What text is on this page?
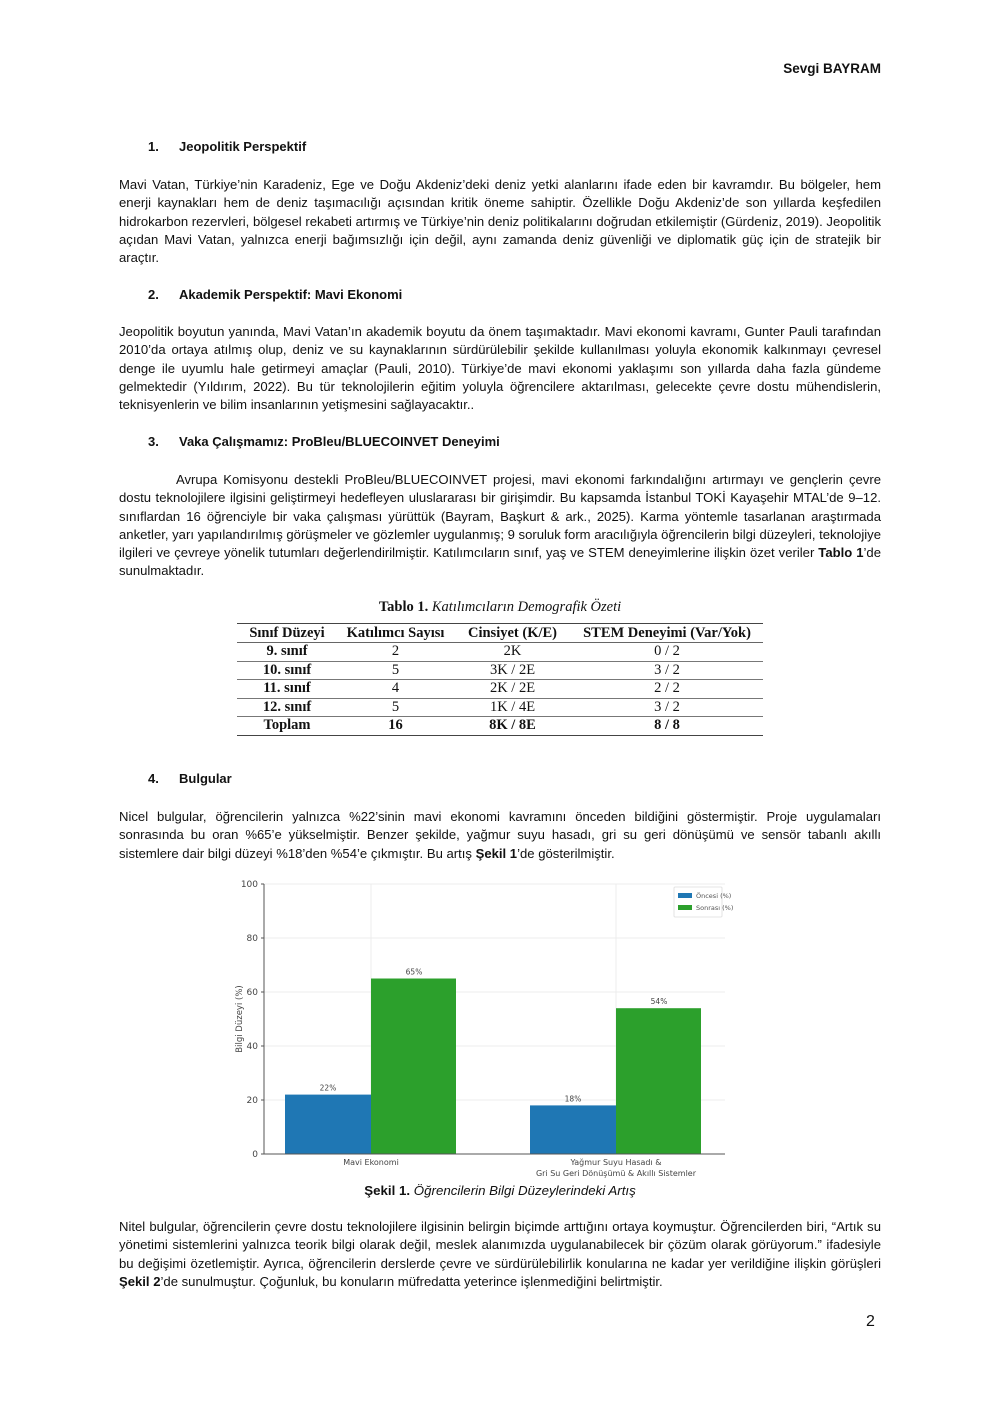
Sevgi BAYRAM
1. Jeopolitik Perspektif
Mavi Vatan, Türkiye’nin Karadeniz, Ege ve Doğu Akdeniz’deki deniz yetki alanlarını ifade eden bir kavramdır. Bu bölgeler, hem enerji kaynakları hem de deniz taşımacılığı açısından kritik öneme sahiptir. Özellikle Doğu Akdeniz’de son yıllarda keşfedilen hidrokarbon rezervleri, bölgesel rekabeti artırmış ve Türkiye’nin deniz politikalarını doğrudan etkilemiştir (Gürdeniz, 2019). Jeopolitik açıdan Mavi Vatan, yalnızca enerji bağımsızlığı için değil, aynı zamanda deniz güvenliği ve diplomatik güç için de stratejik bir araçtır.
2. Akademik Perspektif: Mavi Ekonomi
Jeopolitik boyutun yanında, Mavi Vatan’ın akademik boyutu da önem taşımaktadır. Mavi ekonomi kavramı, Gunter Pauli tarafından 2010’da ortaya atılmış olup, deniz ve su kaynaklarının sürdürülebilir şekilde kullanılması yoluyla ekonomik kalkınmayı çevresel denge ile uyumlu hale getirmeyi amaçlar (Pauli, 2010). Türkiye’de mavi ekonomi yaklaşımı son yıllarda daha fazla gündeme gelmektedir (Yıldırım, 2022). Bu tür teknolojilerin eğitim yoluyla öğrencilere aktarılması, gelecekte çevre dostu mühendislerin, teknisyenlerin ve bilim insanlarının yetişmesini sağlayacaktır..
3. Vaka Çalışmamız: ProBleu/BLUECOINVET Deneyimi
Avrupa Komisyonu destekli ProBleu/BLUECOINVET projesi, mavi ekonomi farkındalığını artırmayı ve gençlerin çevre dostu teknolojilere ilgisini geliştirmeyi hedefleyen uluslararası bir girişimdir. Bu kapsamda İstanbul TOKİ Kayaşehir MTAL’de 9–12. sınıflardan 16 öğrenciyle bir vaka çalışması yürüttük (Bayram, Başkurt & ark., 2025). Karma yöntemle tasarlanan araştırmada anketler, yarı yapılandırılmış görüşmeler ve gözlemler uygulanmış; 9 soruluk form aracılığıyla öğrencilerin bilgi düzeyleri, teknolojiye ilgileri ve çevreye yönelik tutumları değerlendirilmiştir. Katılımcıların sınıf, yaş ve STEM deneyimlerine ilişkin özet veriler Tablo 1’de sunulmaktadır.
Tablo 1. Katılımcıların Demografik Özeti
Sınıf Düzeyi	Katılımcı Sayısı	Cinsiyet (K/E)	STEM Deneyimi (Var/Yok)
9. sınıf	2	2K	0 / 2
10. sınıf	5	3K / 2E	3 / 2
11. sınıf	4	2K / 2E	2 / 2
12. sınıf	5	1K / 4E	3 / 2
Toplam	16	8K / 8E	8 / 8
4. Bulgular
Nicel bulgular, öğrencilerin yalnızca %22’sinin mavi ekonomi kavramını önceden bildiğini göstermiştir. Proje uygulamaları sonrasında bu oran %65’e yükselmiştir. Benzer şekilde, yağmur suyu hasadı, gri su geri dönüşümü ve sensör tabanlı akıllı sistemlere dair bilgi düzeyi %18’den %54’e çıkmıştır. Bu artış Şekil 1’de gösterilmiştir.
22%
18%
65%
54%
100
80
60
40
20
0
Bilgi Düzeyi (%)
Mavi Ekonomi	Yağmur Suyu Hasadı &
Gri Su Geri Dönüşümü & Akıllı Sistemler
Öncesi (%)
Sonrası (%)
Şekil 1. Öğrencilerin Bilgi Düzeylerindeki Artış
Nitel bulgular, öğrencilerin çevre dostu teknolojilere ilgisinin belirgin biçimde arttığını ortaya koymuştur. Öğrencilerden biri, “Artık su yönetimi sistemlerini yalnızca teorik bilgi olarak değil, meslek alanımızda uygulanabilecek bir çözüm olarak görüyorum.” ifadesiyle bu değişimi özetlemiştir. Ayrıca, öğrencilerin derslerde çevre ve sürdürülebilirlik konularına ne kadar yer verildiğine ilişkin görüşleri Şekil 2’de sunulmuştur. Çoğunluk, bu konuların müfredatta yeterince işlenmediğini belirtmiştir.
2
